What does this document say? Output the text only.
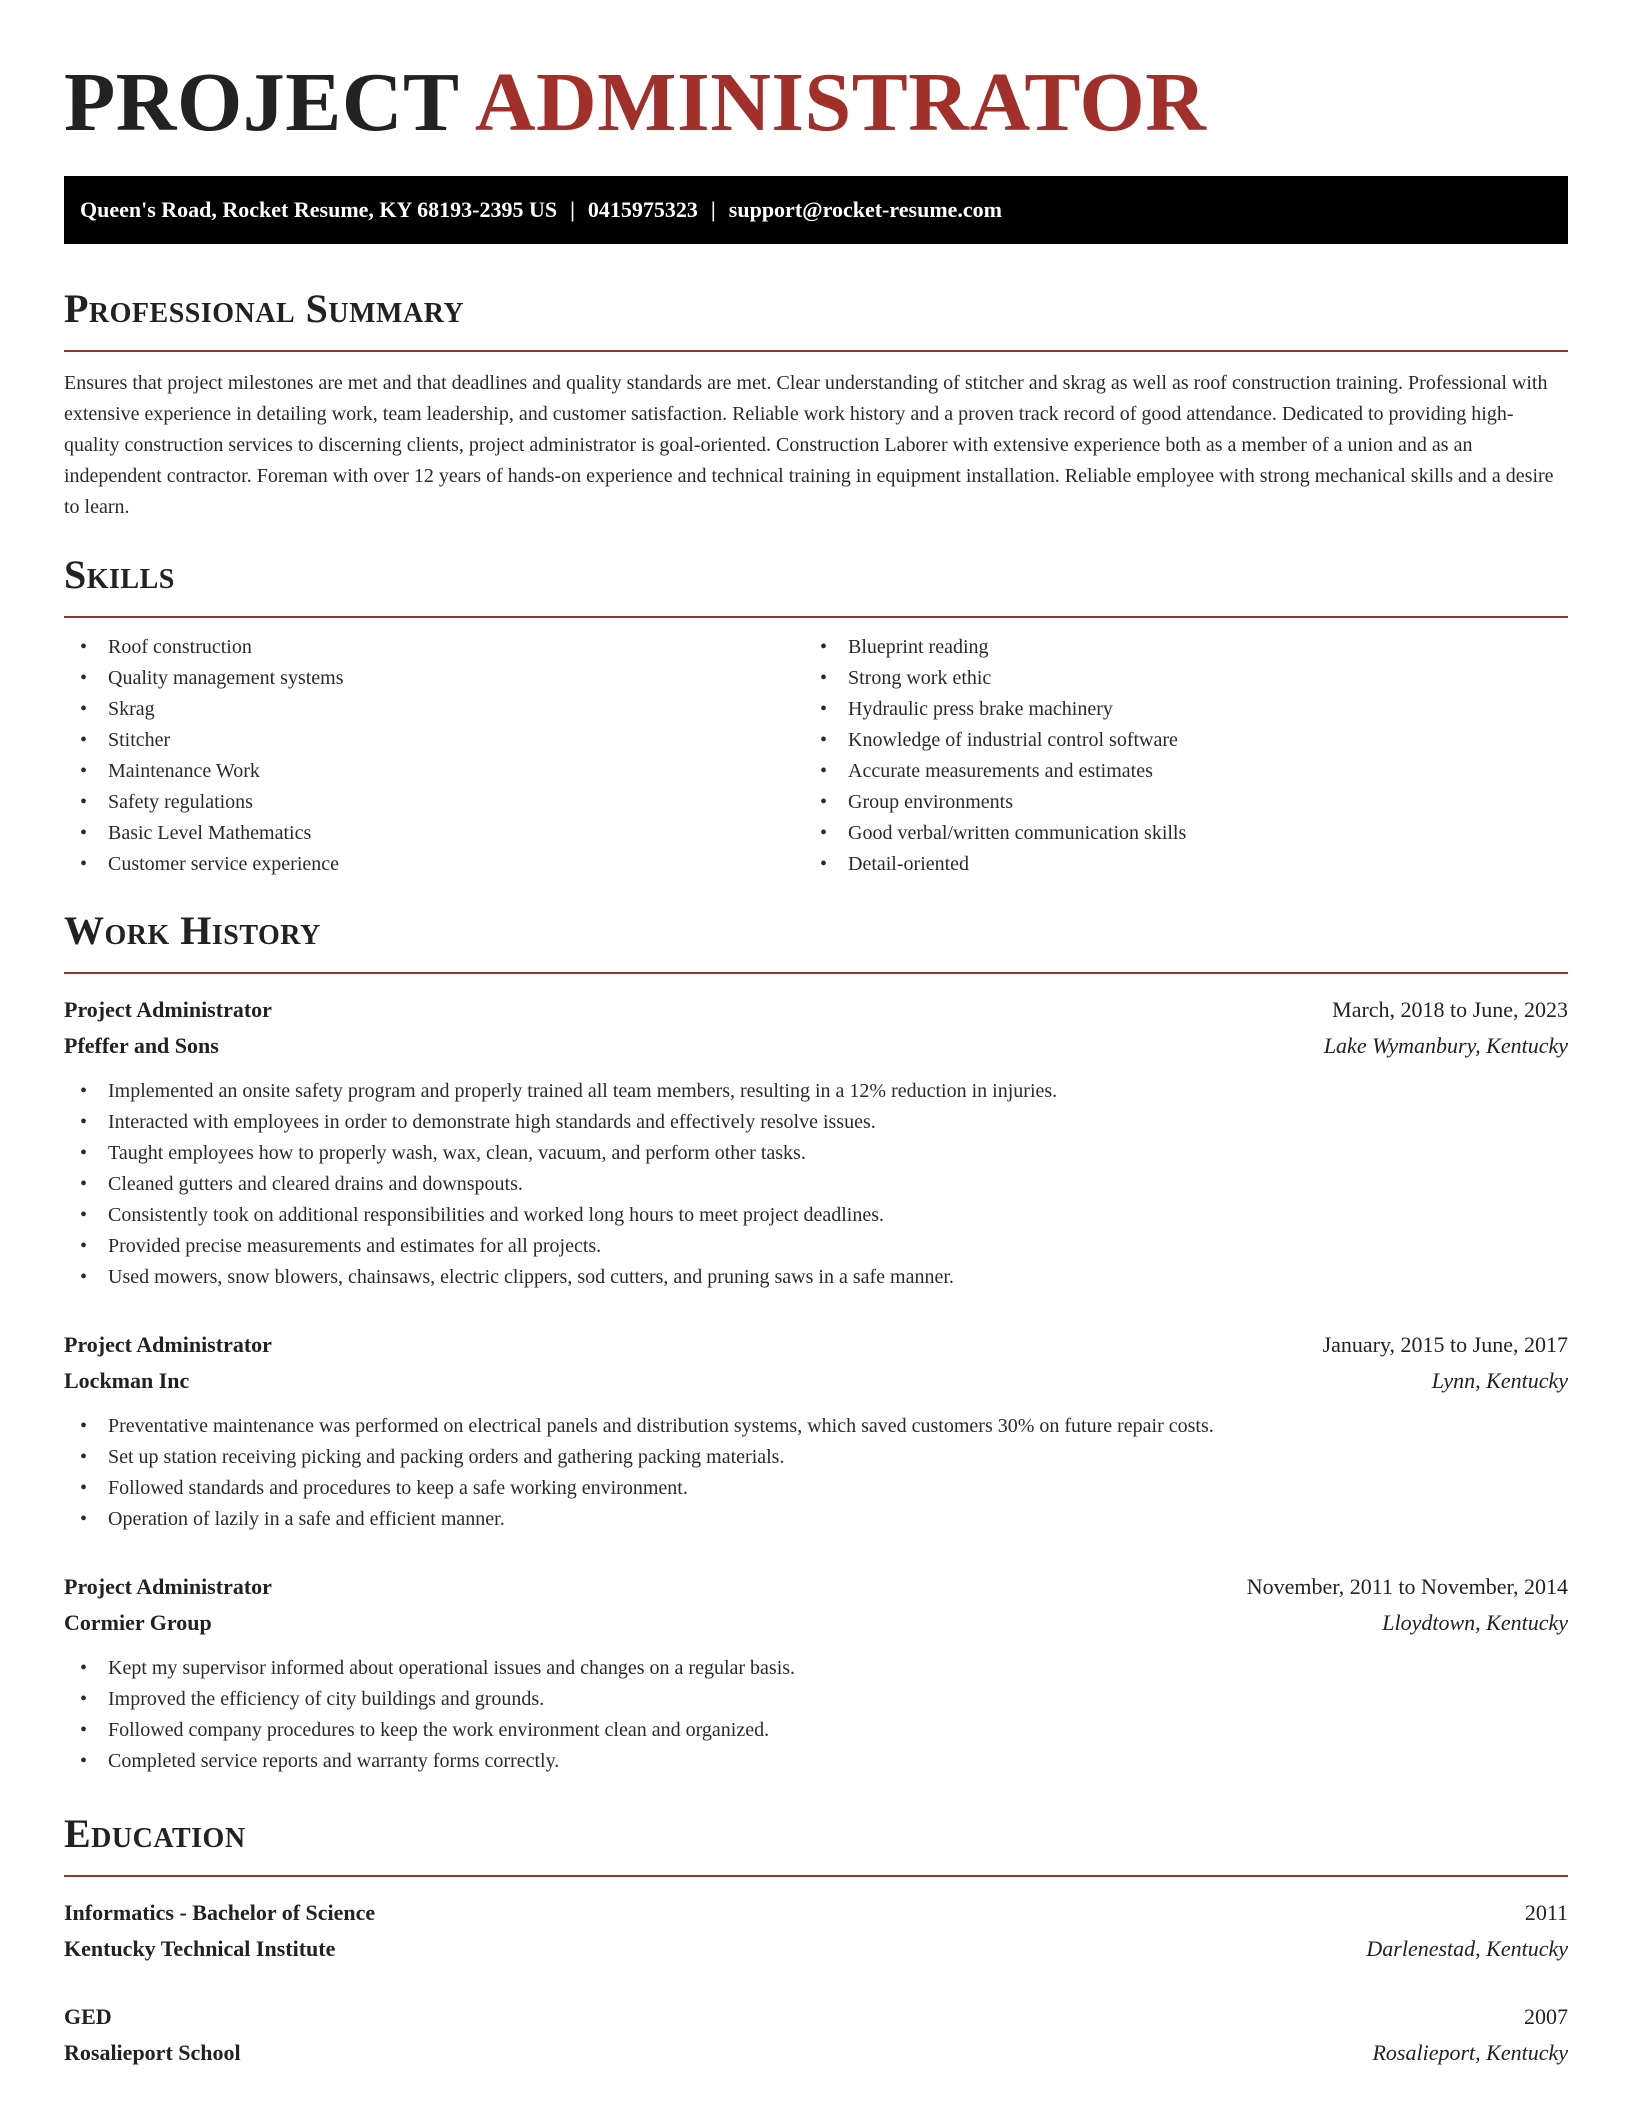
PROJECT ADMINISTRATOR
Queen's Road, Rocket Resume, KY 68193-2395 US | 0415975323 | support@rocket-resume.com
Professional Summary

Ensures that project milestones are met and that deadlines and quality standards are met. Clear understanding of stitcher and skrag as well as roof construction training. Professional with extensive experience in detailing work, team leadership, and customer satisfaction. Reliable work history and a proven track record of good attendance. Dedicated to providing high-quality construction services to discerning clients, project administrator is goal-oriented. Construction Laborer with extensive experience both as a member of a union and as an independent contractor. Foreman with over 12 years of hands-on experience and technical training in equipment installation. Reliable employee with strong mechanical skills and a desire to learn.

Skills
• Roof construction
• Quality management systems
• Skrag
• Stitcher
• Maintenance Work
• Safety regulations
• Basic Level Mathematics
• Customer service experience
• Blueprint reading
• Strong work ethic
• Hydraulic press brake machinery
• Knowledge of industrial control software
• Accurate measurements and estimates
• Group environments
• Good verbal/written communication skills
• Detail-oriented
Work History
Project Administrator	March, 2018 to June, 2023
Pfeffer and Sons	Lake Wymanbury, Kentucky
• Implemented an onsite safety program and properly trained all team members, resulting in a 12% reduction in injuries.
• Interacted with employees in order to demonstrate high standards and effectively resolve issues.
• Taught employees how to properly wash, wax, clean, vacuum, and perform other tasks.
• Cleaned gutters and cleared drains and downspouts.
• Consistently took on additional responsibilities and worked long hours to meet project deadlines.
• Provided precise measurements and estimates for all projects.
• Used mowers, snow blowers, chainsaws, electric clippers, sod cutters, and pruning saws in a safe manner.
Project Administrator	January, 2015 to June, 2017
Lockman Inc	Lynn, Kentucky
• Preventative maintenance was performed on electrical panels and distribution systems, which saved customers 30% on future repair costs.
• Set up station receiving picking and packing orders and gathering packing materials.
• Followed standards and procedures to keep a safe working environment.
• Operation of lazily in a safe and efficient manner.
Project Administrator	November, 2011 to November, 2014
Cormier Group	Lloydtown, Kentucky
• Kept my supervisor informed about operational issues and changes on a regular basis.
• Improved the efficiency of city buildings and grounds.
• Followed company procedures to keep the work environment clean and organized.
• Completed service reports and warranty forms correctly.
Education
Informatics - Bachelor of Science	2011
Kentucky Technical Institute	Darlenestad, Kentucky
GED	2007
Rosalieport School	Rosalieport, Kentucky
